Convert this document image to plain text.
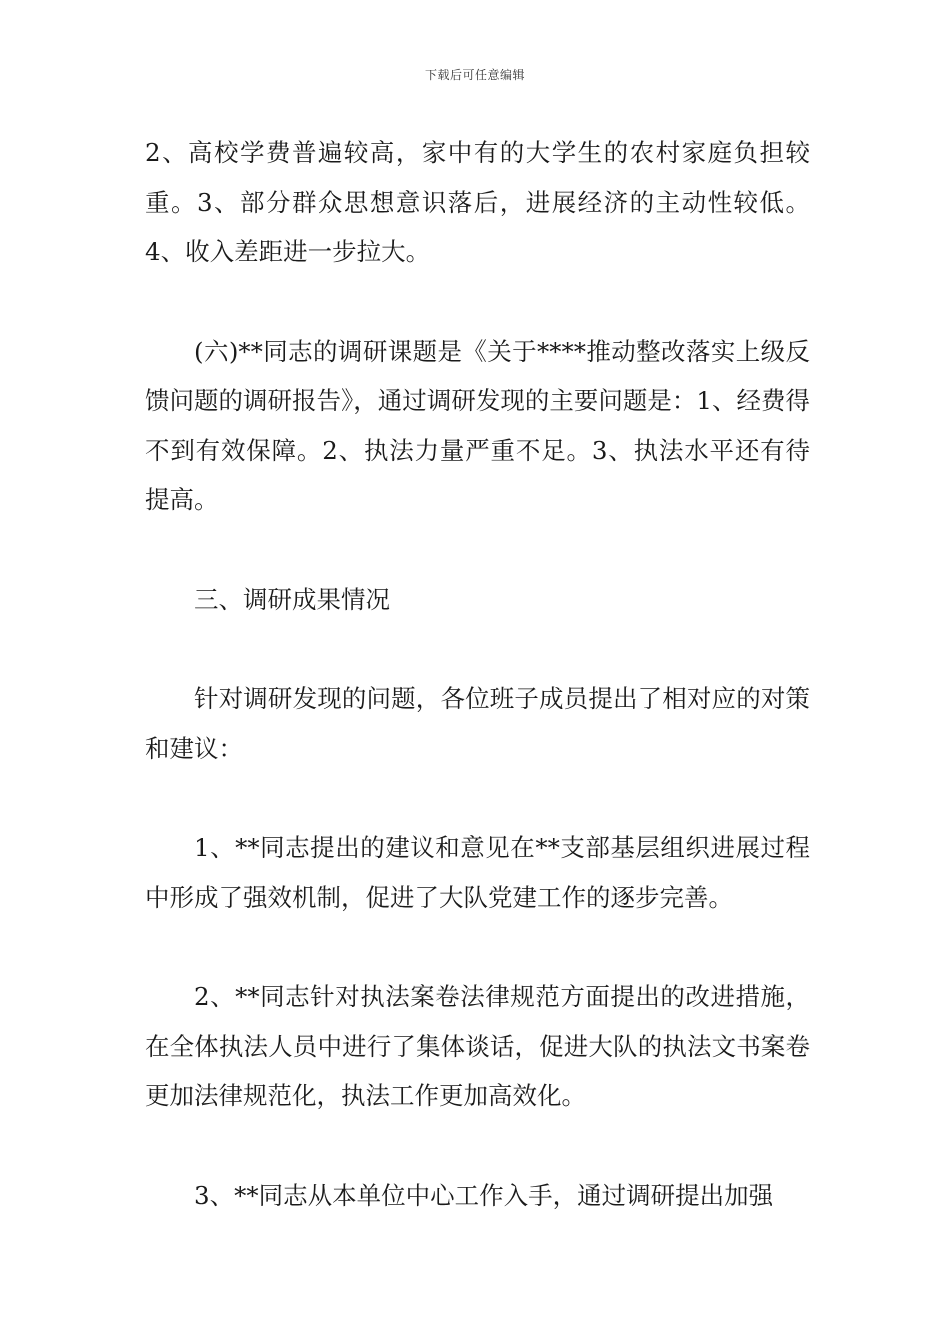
下载后可任意编辑

2、高校学费普遍较高，家中有的大学生的农村家庭负担较重。3、部分群众思想意识落后，进展经济的主动性较低。4、收入差距进一步拉大。

(六)**同志的调研课题是《关于****推动整改落实上级反馈问题的调研报告》，通过调研发现的主要问题是：1、经费得不到有效保障。2、执法力量严重不足。3、执法水平还有待提高。

三、调研成果情况

针对调研发现的问题，各位班子成员提出了相对应的对策和建议：

1、**同志提出的建议和意见在**支部基层组织进展过程中形成了强效机制，促进了大队党建工作的逐步完善。

2、**同志针对执法案卷法律规范方面提出的改进措施，在全体执法人员中进行了集体谈话，促进大队的执法文书案卷更加法律规范化，执法工作更加高效化。

3、**同志从本单位中心工作入手，通过调研提出加强
